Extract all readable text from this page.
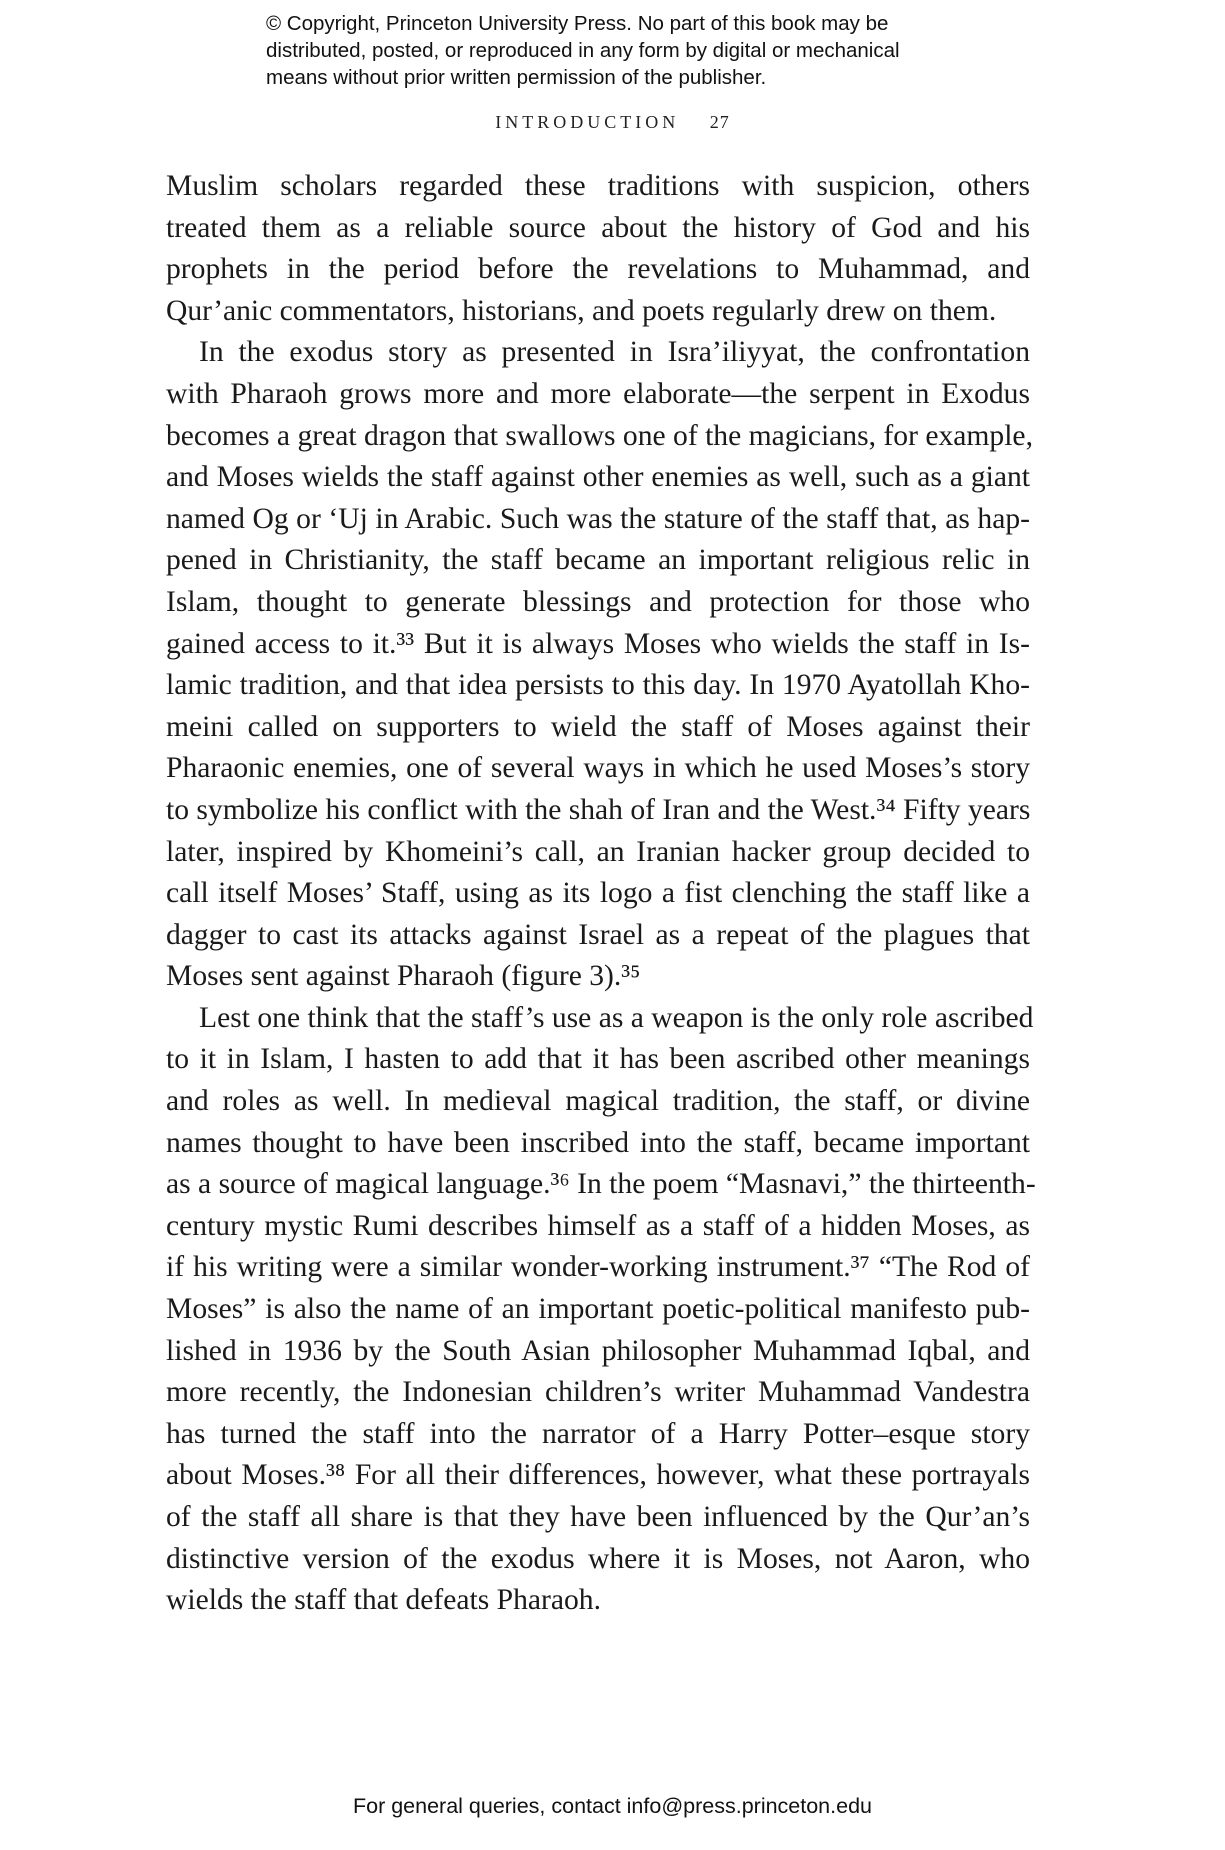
© Copyright, Princeton University Press. No part of this book may be
distributed, posted, or reproduced in any form by digital or mechanical
means without prior written permission of the publisher.
INTRODUCTION 27
Muslim scholars regarded these traditions with suspicion, others
treated them as a reliable source about the history of God and his
prophets in the period before the revelations to Muhammad, and
Qur’anic commentators, historians, and poets regularly drew on them.
In the exodus story as presented in Isra’iliyyat, the confrontation
with Pharaoh grows more and more elaborate—the serpent in Exodus
becomes a great dragon that swallows one of the magicians, for example,
and Moses wields the staff against other enemies as well, such as a giant
named Og or ‘Uj in Arabic. Such was the stature of the staff that, as hap-
pened in Christianity, the staff became an important religious relic in
Islam, thought to generate blessings and protection for those who
gained access to it.³³ But it is always Moses who wields the staff in Is-
lamic tradition, and that idea persists to this day. In 1970 Ayatollah Kho-
meini called on supporters to wield the staff of Moses against their
Pharaonic enemies, one of several ways in which he used Moses’s story
to symbolize his conflict with the shah of Iran and the West.³⁴ Fifty years
later, inspired by Khomeini’s call, an Iranian hacker group decided to
call itself Moses’ Staff, using as its logo a fist clenching the staff like a
dagger to cast its attacks against Israel as a repeat of the plagues that
Moses sent against Pharaoh (figure 3).³⁵
Lest one think that the staff’s use as a weapon is the only role ascribed
to it in Islam, I hasten to add that it has been ascribed other meanings
and roles as well. In medieval magical tradition, the staff, or divine
names thought to have been inscribed into the staff, became important
as a source of magical language.³⁶ In the poem “Masnavi,” the thirteenth-
century mystic Rumi describes himself as a staff of a hidden Moses, as
if his writing were a similar wonder-working instrument.³⁷ “The Rod of
Moses” is also the name of an important poetic-political manifesto pub-
lished in 1936 by the South Asian philosopher Muhammad Iqbal, and
more recently, the Indonesian children’s writer Muhammad Vandestra
has turned the staff into the narrator of a Harry Potter–esque story
about Moses.³⁸ For all their differences, however, what these portrayals
of the staff all share is that they have been influenced by the Qur’an’s
distinctive version of the exodus where it is Moses, not Aaron, who
wields the staff that defeats Pharaoh.
For general queries, contact info@press.princeton.edu
